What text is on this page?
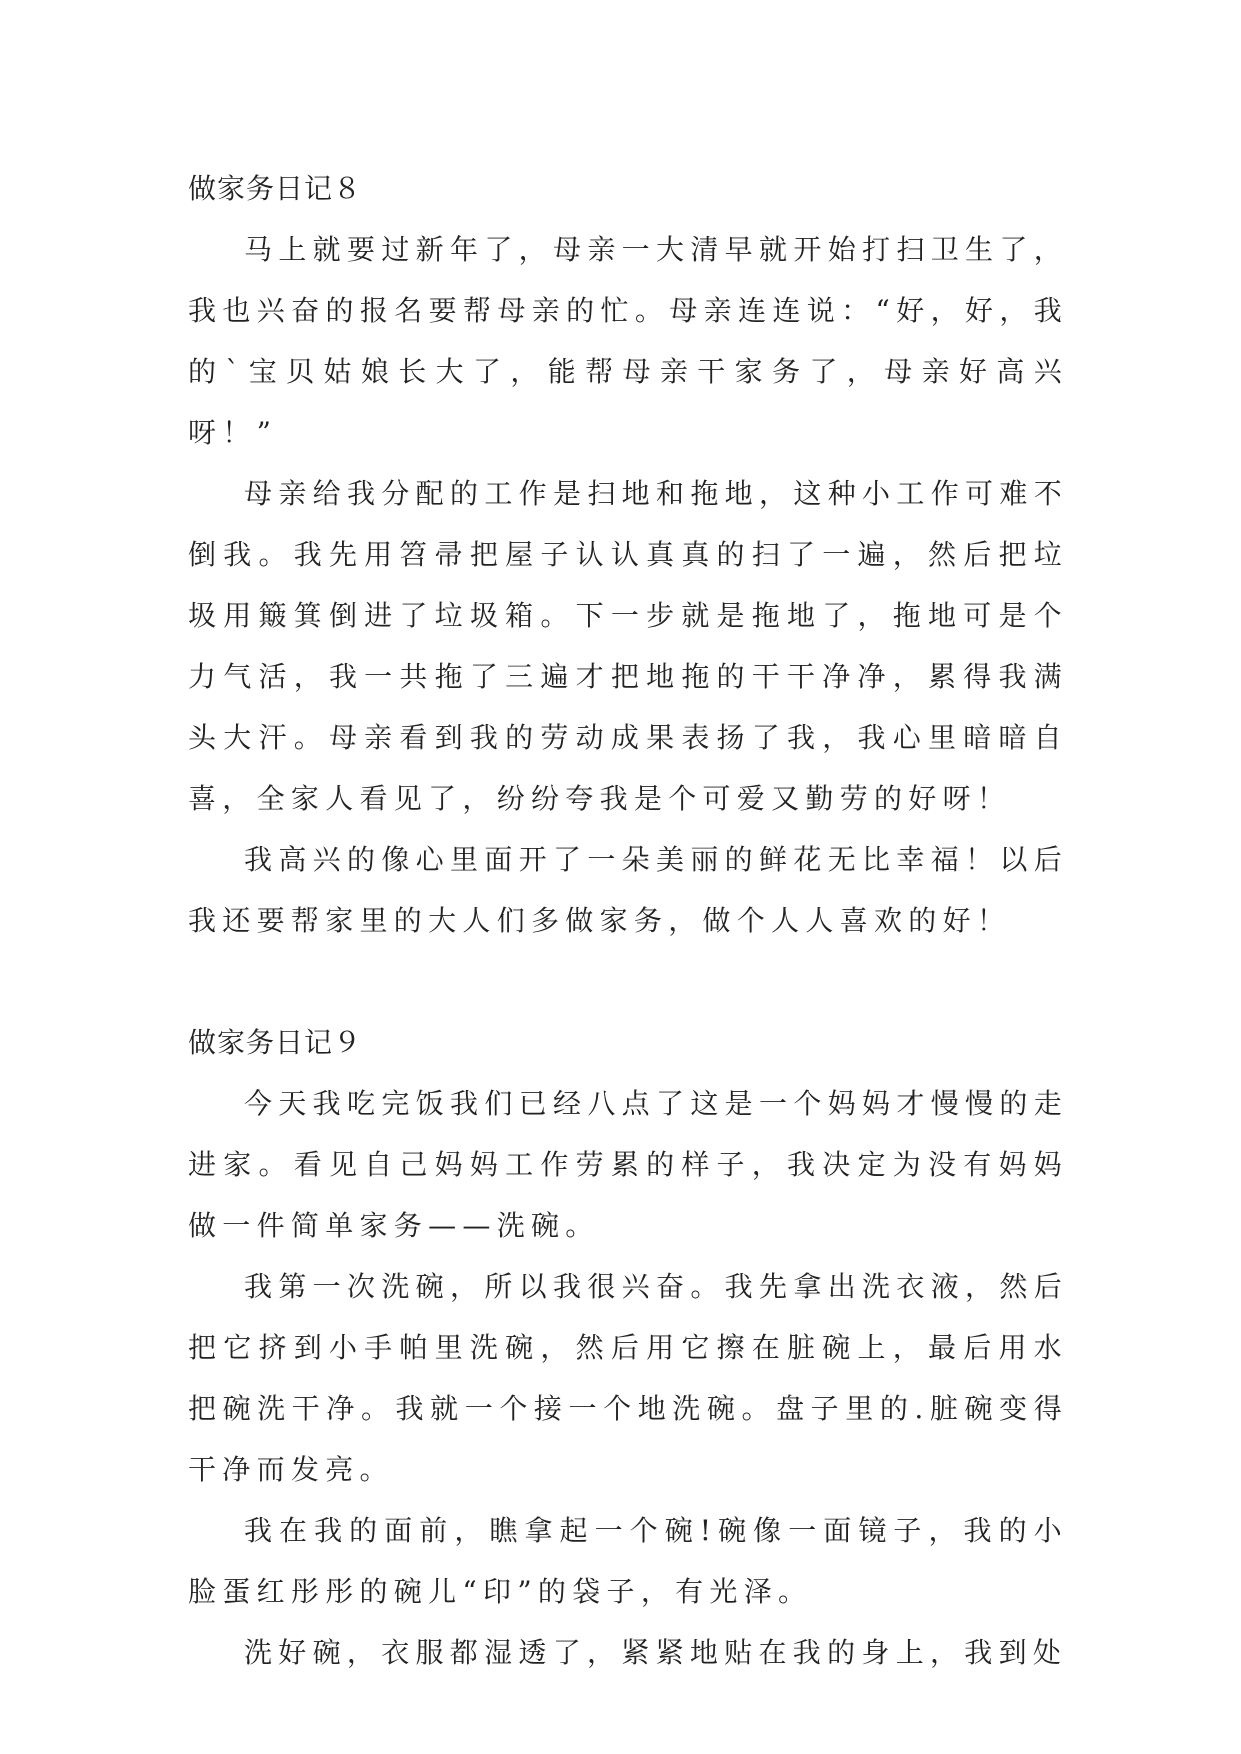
做家务日记８

马上就要过新年了，母亲一大清早就开始打扫卫生了，我也兴奋的报名要帮母亲的忙。母亲连连说：“好，好，我的`宝贝姑娘长大了，能帮母亲干家务了，母亲好高兴呀！”

母亲给我分配的工作是扫地和拖地，这种小工作可难不倒我。我先用笤帚把屋子认认真真的扫了一遍，然后把垃圾用簸箕倒进了垃圾箱。下一步就是拖地了，拖地可是个力气活，我一共拖了三遍才把地拖的干干净净，累得我满头大汗。母亲看到我的劳动成果表扬了我，我心里暗暗自喜，全家人看见了，纷纷夸我是个可爱又勤劳的好呀！

我高兴的像心里面开了一朵美丽的鲜花无比幸福！以后我还要帮家里的大人们多做家务，做个人人喜欢的好！

做家务日记９

今天我吃完饭我们已经八点了这是一个妈妈才慢慢的走进家。看见自己妈妈工作劳累的样子，我决定为没有妈妈做一件简单家务——洗碗。

我第一次洗碗，所以我很兴奋。我先拿出洗衣液，然后把它挤到小手帕里洗碗，然后用它擦在脏碗上，最后用水把碗洗干净。我就一个接一个地洗碗。盘子里的.脏碗变得干净而发亮。

我在我的面前，瞧拿起一个碗!碗像一面镜子，我的小脸蛋红彤彤的碗儿“印”的袋子，有光泽。

洗好碗，衣服都湿透了，紧紧地贴在我的身上，我到处
